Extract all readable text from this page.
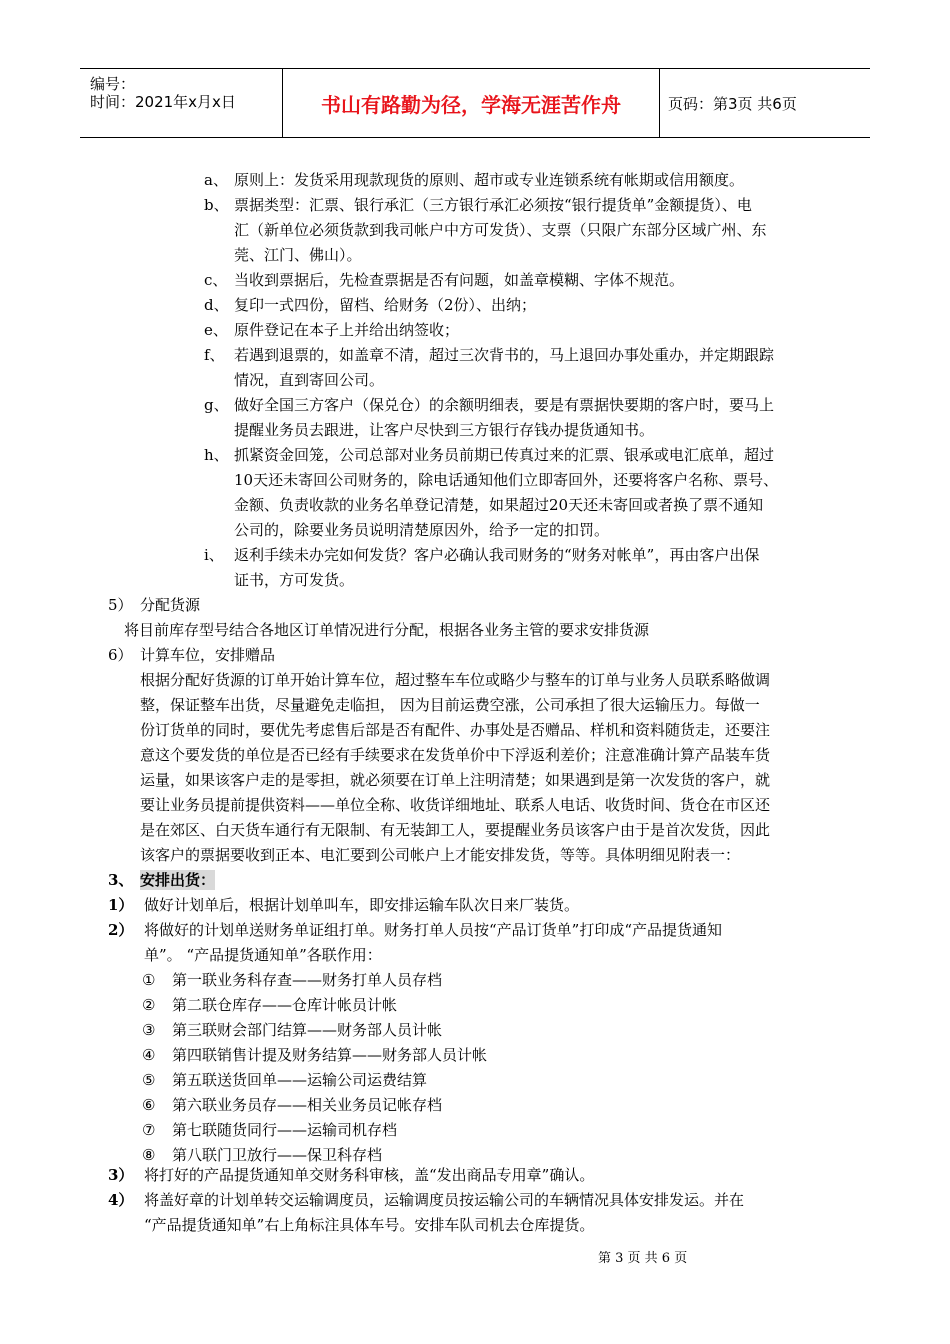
编号：
时间：2021年x月x日	书山有路勤为径，学海无涯苦作舟	页码：第3页 共6页
a、 原则上：发货采用现款现货的原则、超市或专业连锁系统有帐期或信用额度。
b、 票据类型：汇票、银行承汇（三方银行承汇必须按“银行提货单”金额提货）、电
汇（新单位必须货款到我司帐户中方可发货）、支票（只限广东部分区域广州、东
莞、江门、佛山）。
c、 当收到票据后，先检查票据是否有问题，如盖章模糊、字体不规范。
d、 复印一式四份，留档、给财务（2份）、出纳；
e、 原件登记在本子上并给出纳签收；
f、 若遇到退票的，如盖章不清，超过三次背书的，马上退回办事处重办，并定期跟踪
情况，直到寄回公司。
g、 做好全国三方客户（保兑仓）的余额明细表，要是有票据快要期的客户时，要马上
提醒业务员去跟进，让客户尽快到三方银行存钱办提货通知书。
h、 抓紧资金回笼，公司总部对业务员前期已传真过来的汇票、银承或电汇底单，超过
10天还未寄回公司财务的，除电话通知他们立即寄回外，还要将客户名称、票号、
金额、负责收款的业务名单登记清楚，如果超过20天还未寄回或者换了票不通知
公司的，除要业务员说明清楚原因外，给予一定的扣罚。
i、 返利手续未办完如何发货？客户必确认我司财务的“财务对帐单”，再由客户出保
证书，方可发货。
5） 分配货源
将目前库存型号结合各地区订单情况进行分配，根据各业务主管的要求安排货源
6） 计算车位，安排赠品
根据分配好货源的订单开始计算车位，超过整车车位或略少与整车的订单与业务人员联系略做调
整，保证整车出货，尽量避免走临担， 因为目前运费空涨，公司承担了很大运输压力。每做一
份订货单的同时，要优先考虑售后部是否有配件、办事处是否赠品、样机和资料随货走，还要注
意这个要发货的单位是否已经有手续要求在发货单价中下浮返利差价；注意准确计算产品装车货
运量，如果该客户走的是零担，就必须要在订单上注明清楚；如果遇到是第一次发货的客户，就
要让业务员提前提供资料——单位全称、收货详细地址、联系人电话、收货时间、货仓在市区还
是在郊区、白天货车通行有无限制、有无装卸工人，要提醒业务员该客户由于是首次发货，因此
该客户的票据要收到正本、电汇要到公司帐户上才能安排发货，等等。具体明细见附表一：
3、 安排出货：
1） 做好计划单后，根据计划单叫车，即安排运输车队次日来厂装货。
2） 将做好的计划单送财务单证组打单。财务打单人员按“产品订货单”打印成“产品提货通知
单”。 “产品提货通知单”各联作用：
① 第一联业务科存查——财务打单人员存档
② 第二联仓库存——仓库计帐员计帐
③ 第三联财会部门结算——财务部人员计帐
④ 第四联销售计提及财务结算——财务部人员计帐
⑤ 第五联送货回单——运输公司运费结算
⑥ 第六联业务员存——相关业务员记帐存档
⑦ 第七联随货同行——运输司机存档
⑧ 第八联门卫放行——保卫科存档
3） 将打好的产品提货通知单交财务科审核，盖“发出商品专用章”确认。
4） 将盖好章的计划单转交运输调度员，运输调度员按运输公司的车辆情况具体安排发运。并在
“产品提货通知单”右上角标注具体车号。安排车队司机去仓库提货。
第 3 页 共 6 页
